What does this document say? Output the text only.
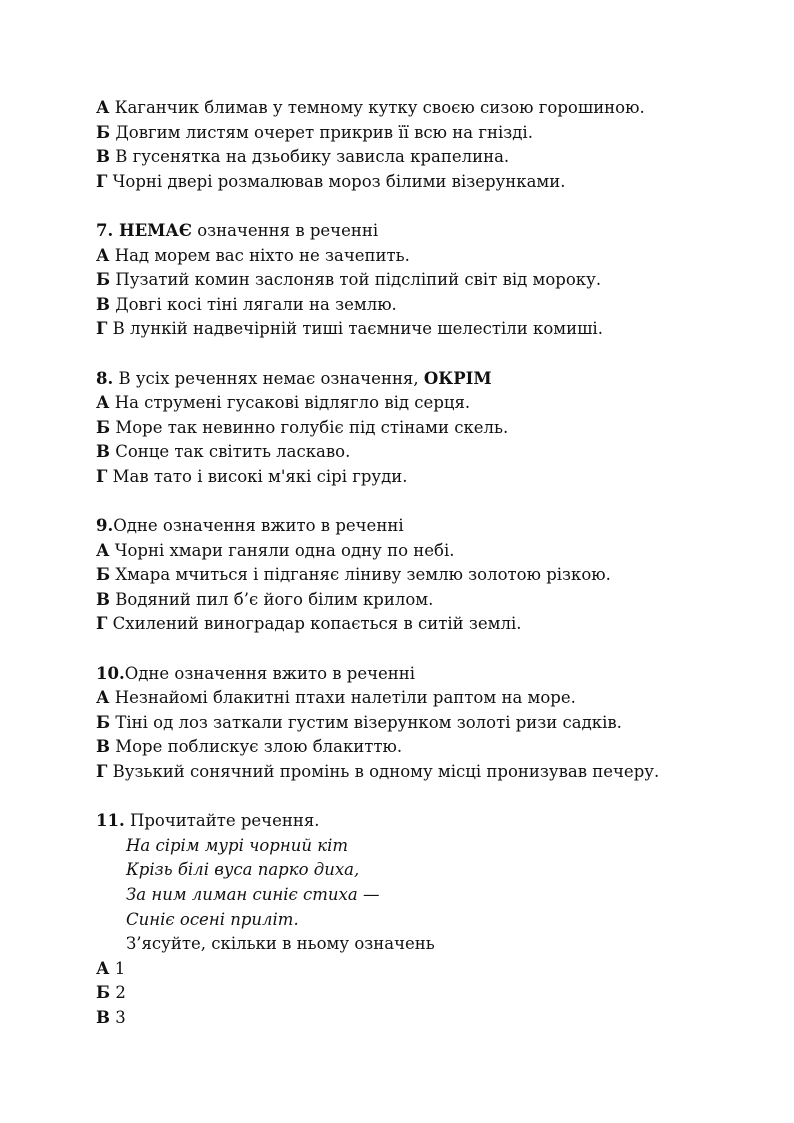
А Каганчик блимав у темному кутку своєю сизою горошиною.
Б Довгим листям очерет прикрив її всю на гнізді.
В В гусенятка на дзьобику зависла крапелина.
Г Чорні двері розмалював мороз білими візерунками.
7. НЕМАЄ означення в реченні
А Над морем вас ніхто не зачепить.
Б Пузатий комин заслоняв той підсліпий світ від мороку.
В Довгі косі тіні лягали на землю.
Г В лункій надвечірній тиші таємниче шелестіли комиші.
8. В усіх реченнях немає означення, ОКРІМ
А На струмені гусакові відлягло від серця.
Б Море так невинно голубіє під стінами скель.
В Сонце так світить ласкаво.
Г Мав тато і високі м'які сірі груди.
9.Одне означення вжито в реченні
А Чорні хмари ганяли одна одну по небі.
Б Хмара мчиться і підганяє ліниву землю золотою різкою.
В Водяний пил б’є його білим крилом.
Г Схилений виноградар копається в ситій землі.
10.Одне означення вжито в реченні
А Незнайомі блакитні птахи налетіли раптом на море.
Б Тіні од лоз заткали густим візерунком золоті ризи садків.
В Море поблискує злою блакиттю.
Г Вузький сонячний промінь в одному місці пронизував печеру.
11. Прочитайте речення.
На сірім мурі чорний кіт
Крізь білі вуса парко диха,
За ним лиман синіє стиха —
Синіє осені приліт.
З’ясуйте, скільки в ньому означень
А 1
Б 2
В 3
